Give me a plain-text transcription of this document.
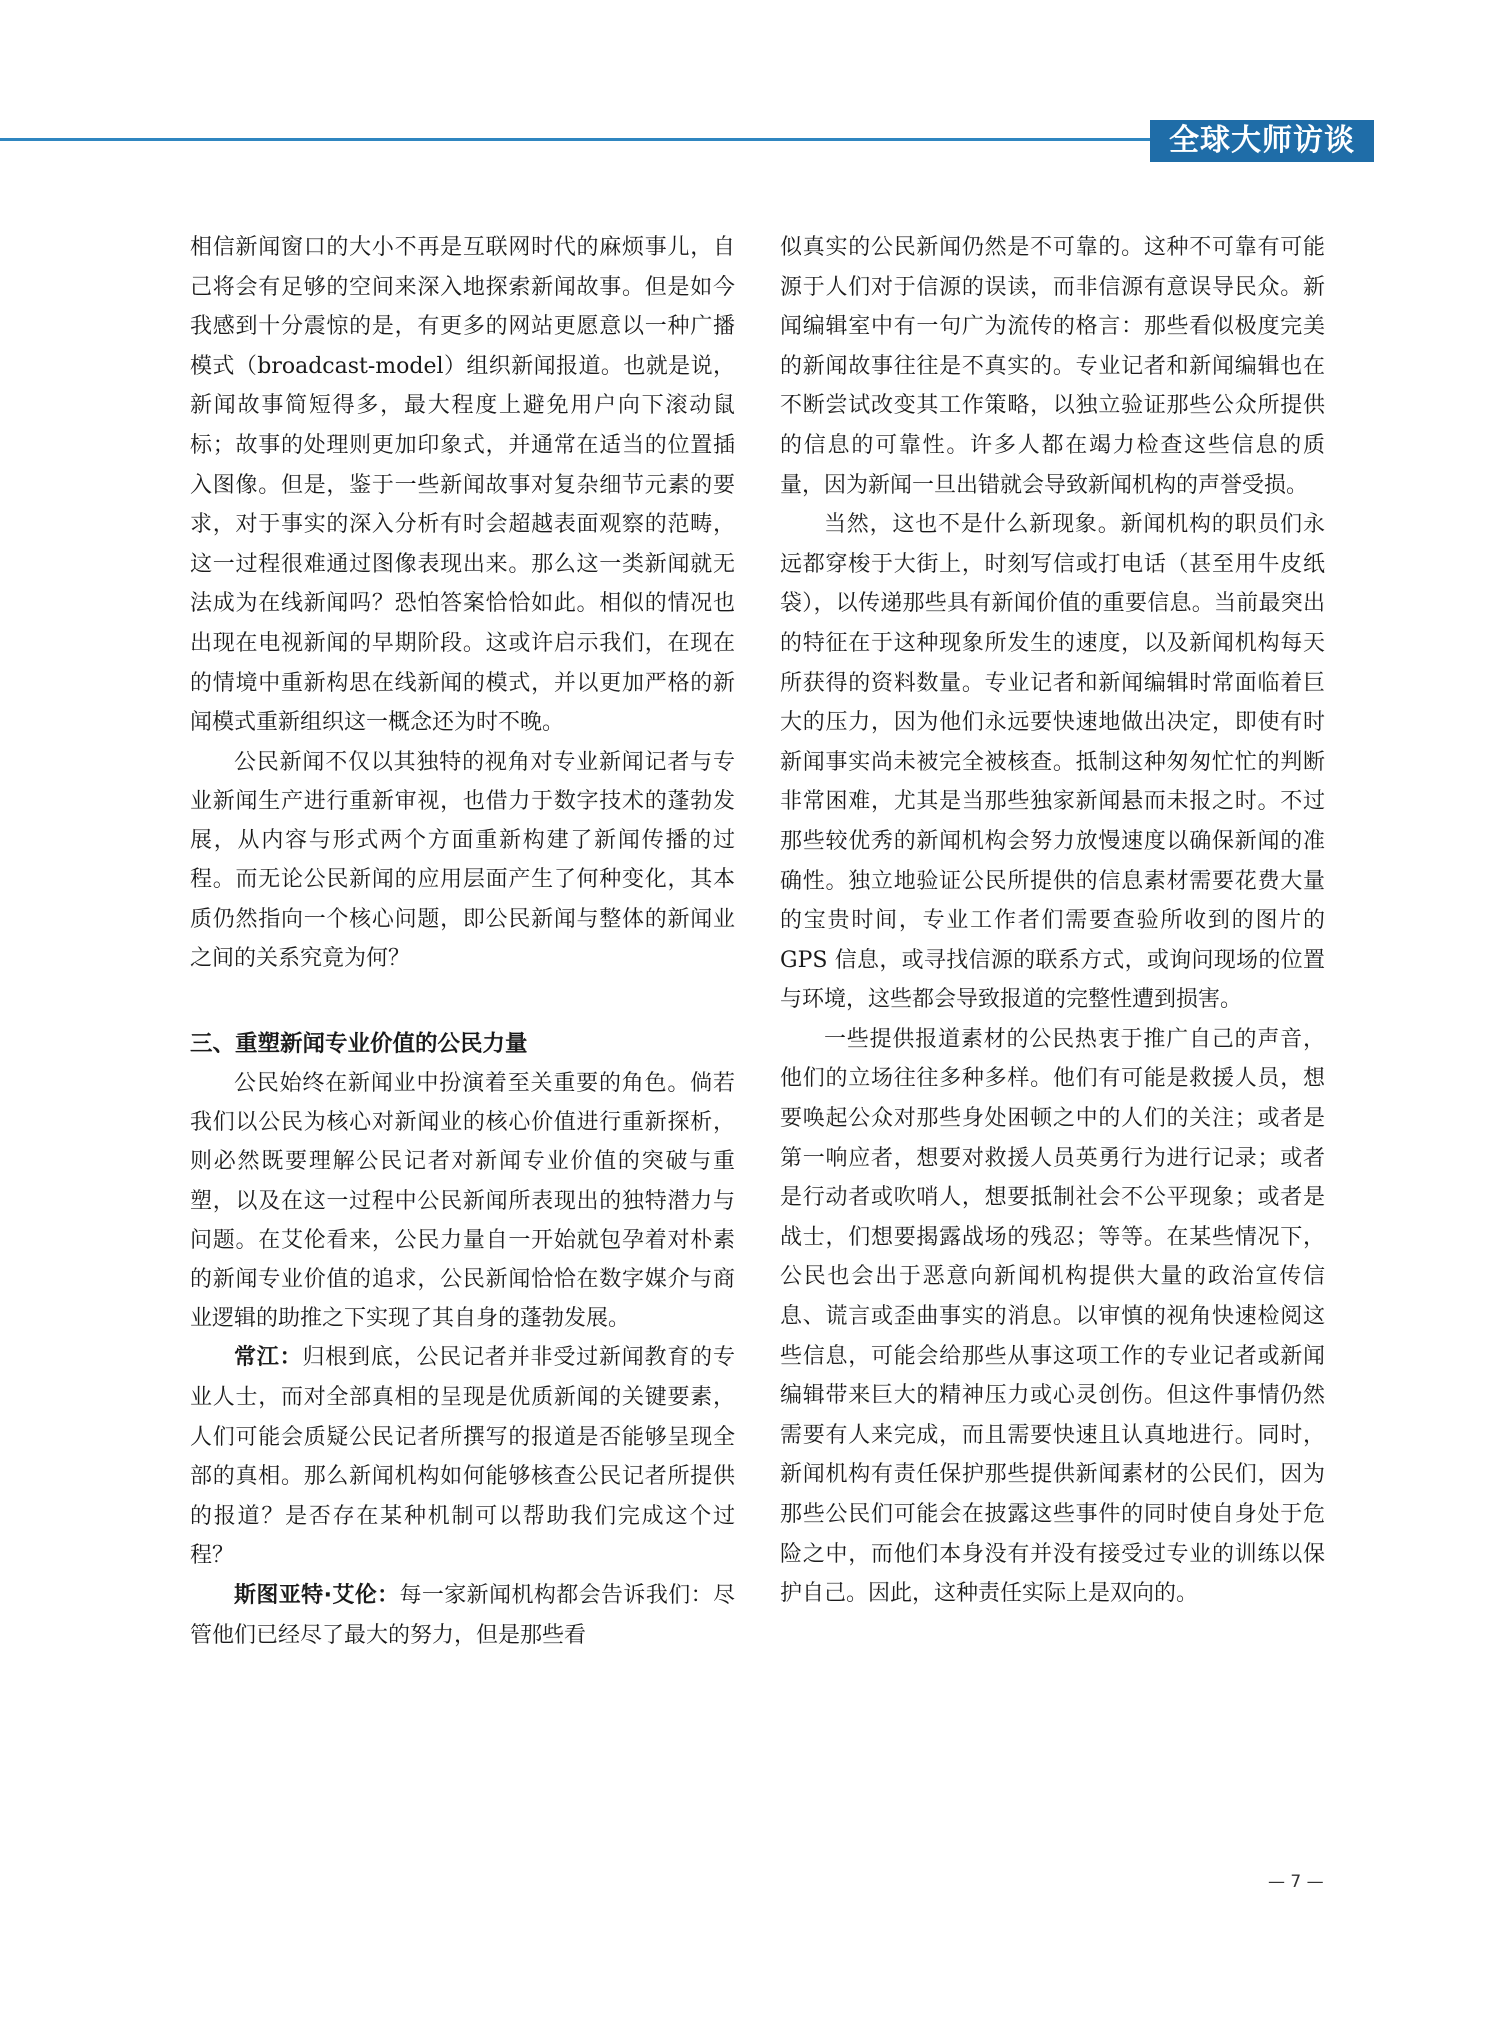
全球大师访谈

相信新闻窗口的大小不再是互联网时代的麻烦事儿，自己将会有足够的空间来深入地探索新闻故事。但是如今我感到十分震惊的是，有更多的网站更愿意以一种广播模式（broadcast-model）组织新闻报道。也就是说，新闻故事简短得多，最大程度上避免用户向下滚动鼠标；故事的处理则更加印象式，并通常在适当的位置插入图像。但是，鉴于一些新闻故事对复杂细节元素的要求，对于事实的深入分析有时会超越表面观察的范畴，这一过程很难通过图像表现出来。那么这一类新闻就无法成为在线新闻吗？恐怕答案恰恰如此。相似的情况也出现在电视新闻的早期阶段。这或许启示我们，在现在的情境中重新构思在线新闻的模式，并以更加严格的新闻模式重新组织这一概念还为时不晚。

公民新闻不仅以其独特的视角对专业新闻记者与专业新闻生产进行重新审视，也借力于数字技术的蓬勃发展，从内容与形式两个方面重新构建了新闻传播的过程。而无论公民新闻的应用层面产生了何种变化，其本质仍然指向一个核心问题，即公民新闻与整体的新闻业之间的关系究竟为何？

三、重塑新闻专业价值的公民力量

公民始终在新闻业中扮演着至关重要的角色。倘若我们以公民为核心对新闻业的核心价值进行重新探析，则必然既要理解公民记者对新闻专业价值的突破与重塑，以及在这一过程中公民新闻所表现出的独特潜力与问题。在艾伦看来，公民力量自一开始就包孕着对朴素的新闻专业价值的追求，公民新闻恰恰在数字媒介与商业逻辑的助推之下实现了其自身的蓬勃发展。

常江：归根到底，公民记者并非受过新闻教育的专业人士，而对全部真相的呈现是优质新闻的关键要素，人们可能会质疑公民记者所撰写的报道是否能够呈现全部的真相。那么新闻机构如何能够核查公民记者所提供的报道？是否存在某种机制可以帮助我们完成这个过程？

斯图亚特·艾伦：每一家新闻机构都会告诉我们：尽管他们已经尽了最大的努力，但是那些看

似真实的公民新闻仍然是不可靠的。这种不可靠有可能源于人们对于信源的误读，而非信源有意误导民众。新闻编辑室中有一句广为流传的格言：那些看似极度完美的新闻故事往往是不真实的。专业记者和新闻编辑也在不断尝试改变其工作策略，以独立验证那些公众所提供的信息的可靠性。许多人都在竭力检查这些信息的质量，因为新闻一旦出错就会导致新闻机构的声誉受损。

当然，这也不是什么新现象。新闻机构的职员们永远都穿梭于大街上，时刻写信或打电话（甚至用牛皮纸袋），以传递那些具有新闻价值的重要信息。当前最突出的特征在于这种现象所发生的速度，以及新闻机构每天所获得的资料数量。专业记者和新闻编辑时常面临着巨大的压力，因为他们永远要快速地做出决定，即使有时新闻事实尚未被完全被核查。抵制这种匆匆忙忙的判断非常困难，尤其是当那些独家新闻悬而未报之时。不过那些较优秀的新闻机构会努力放慢速度以确保新闻的准确性。独立地验证公民所提供的信息素材需要花费大量的宝贵时间，专业工作者们需要查验所收到的图片的 GPS 信息，或寻找信源的联系方式，或询问现场的位置与环境，这些都会导致报道的完整性遭到损害。

一些提供报道素材的公民热衷于推广自己的声音，他们的立场往往多种多样。他们有可能是救援人员，想要唤起公众对那些身处困顿之中的人们的关注；或者是第一响应者，想要对救援人员英勇行为进行记录；或者是行动者或吹哨人，想要抵制社会不公平现象；或者是战士，们想要揭露战场的残忍；等等。在某些情况下，公民也会出于恶意向新闻机构提供大量的政治宣传信息、谎言或歪曲事实的消息。以审慎的视角快速检阅这些信息，可能会给那些从事这项工作的专业记者或新闻编辑带来巨大的精神压力或心灵创伤。但这件事情仍然需要有人来完成，而且需要快速且认真地进行。同时，新闻机构有责任保护那些提供新闻素材的公民们，因为那些公民们可能会在披露这些事件的同时使自身处于危险之中，而他们本身没有并没有接受过专业的训练以保护自己。因此，这种责任实际上是双向的。

— 7 —
